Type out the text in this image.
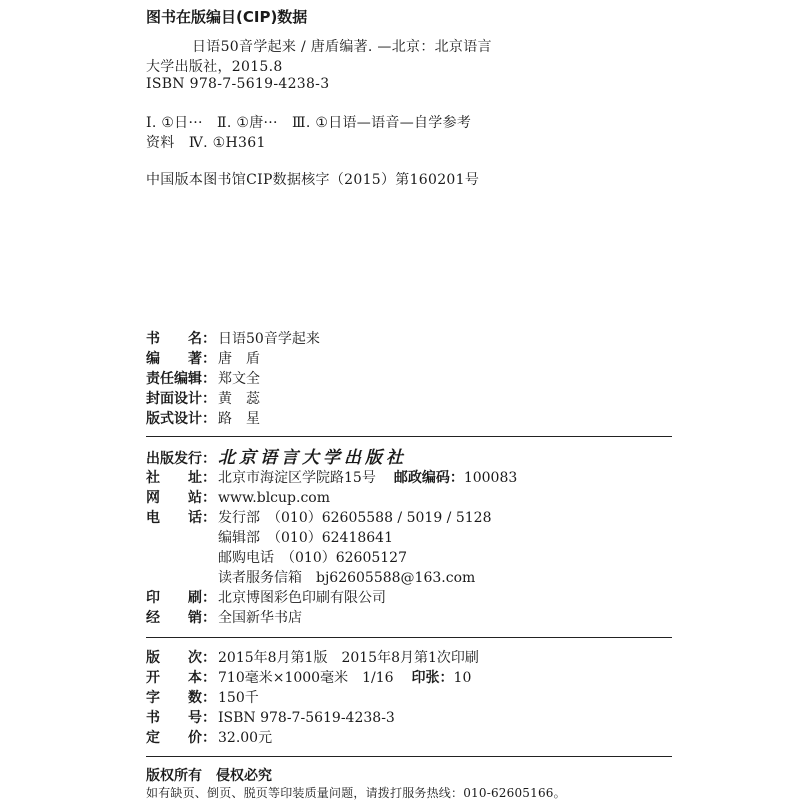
图书在版编目(CIP)数据
日语50音学起来 / 唐盾编著. —北京：北京语言
大学出版社，2015.8
ISBN 978-7-5619-4238-3
Ⅰ. ①日···　Ⅱ. ①唐···　Ⅲ. ①日语—语音—自学参考
资料　Ⅳ. ①H361
中国版本图书馆CIP数据核字（2015）第160201号
书　　名： 日语50音学起来
编　　著： 唐　盾
责任编辑： 郑文全
封面设计： 黄　蕊
版式设计： 路　星
出版发行： 北京语言大学出版社
社　　址： 北京市海淀区学院路15号 邮政编码：100083
网　　站： www.blcup.com
电　　话： 发行部　（010）62605588 / 5019 / 5128
编辑部　（010）62418641
邮购电话　（010）62605127
读者服务信箱　bj62605588@163.com
印　　刷： 北京博图彩色印刷有限公司
经　　销： 全国新华书店
版　　次： 2015年8月第1版　2015年8月第1次印刷
开　　本： 710毫米×1000毫米　1/16 印张：10
字　　数： 150千
书　　号： ISBN 978-7-5619-4238-3
定　　价： 32.00元
版权所有　侵权必究
如有缺页、倒页、脱页等印装质量问题，请拨打服务热线：010-62605166。
